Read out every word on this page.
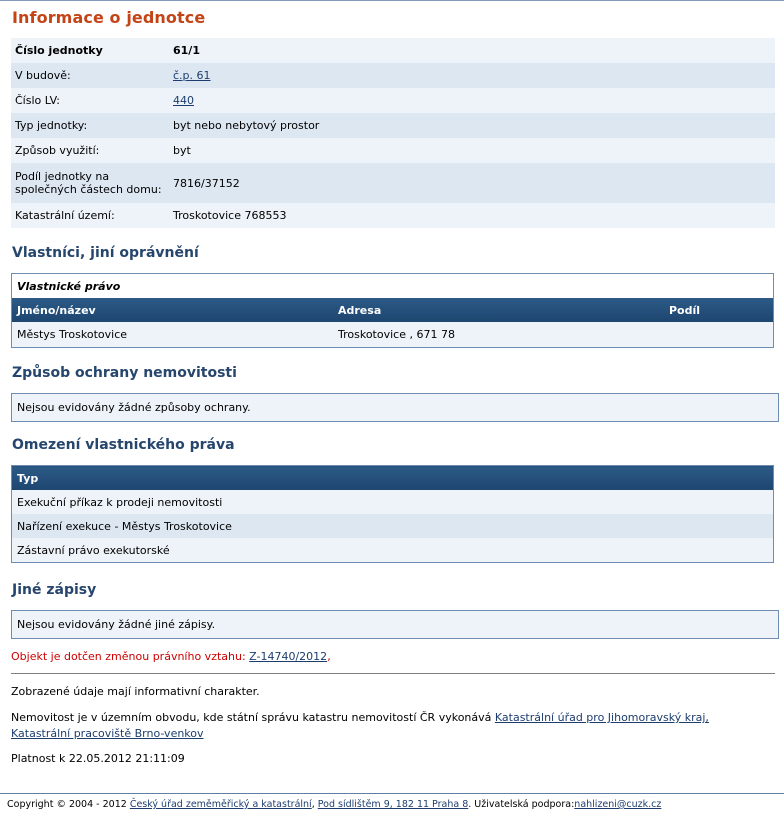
Informace o jednotce
Číslo jednotky	61/1
V budově:	č.p. 61
Číslo LV:	440
Typ jednotky:	byt nebo nebytový prostor
Způsob využití:	byt
Podíl jednotky na
společných částech domu:	7816/37152
Katastrální území:	Troskotovice 768553
Vlastníci, jiní oprávnění
Vlastnické právo		
Jméno/název	Adresa	Podíl
Městys Troskotovice	Troskotovice , 671 78	
Způsob ochrany nemovitosti
Nejsou evidovány žádné způsoby ochrany.
Omezení vlastnického práva
Typ
Exekuční příkaz k prodeji nemovitosti
Nařízení exekuce - Městys Troskotovice
Zástavní právo exekutorské
Jiné zápisy
Nejsou evidovány žádné jiné zápisy.
Objekt je dotčen změnou právního vztahu: Z-14740/2012,
Zobrazené údaje mají informativní charakter.
Nemovitost je v územním obvodu, kde státní správu katastru nemovitostí ČR vykonává Katastrální úřad pro Jihomoravský kraj, Katastrální pracoviště Brno-venkov
Platnost k 22.05.2012 21:11:09
Copyright © 2004 - 2012 Český úřad zeměměřický a katastrální, Pod sídlištěm 9, 182 11 Praha 8. Uživatelská podpora:nahlizeni@cuzk.cz
